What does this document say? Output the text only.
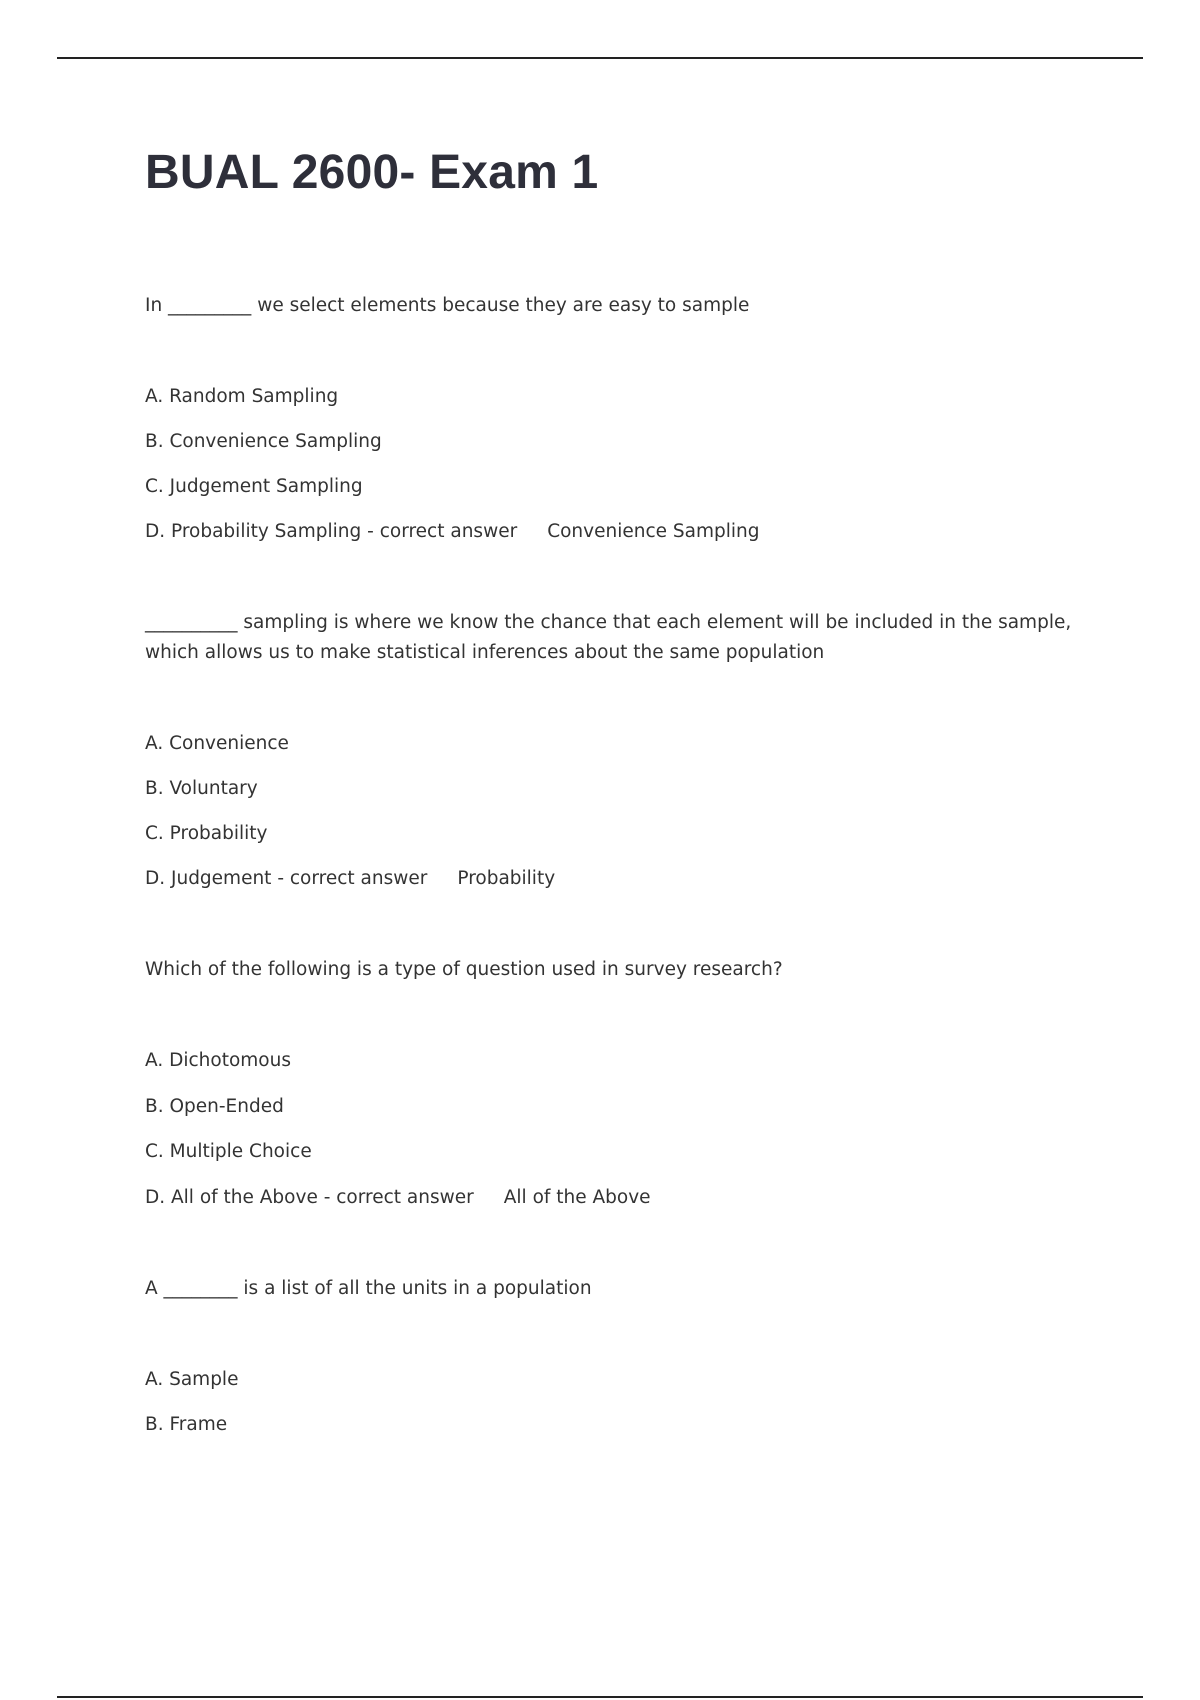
BUAL 2600- Exam 1

In _________ we select elements because they are easy to sample

A. Random Sampling

B. Convenience Sampling

C. Judgement Sampling

D. Probability Sampling - correct answer Convenience Sampling

__________ sampling is where we know the chance that each element will be included in the sample,

which allows us to make statistical inferences about the same population

A. Convenience

B. Voluntary

C. Probability

D. Judgement - correct answer Probability

Which of the following is a type of question used in survey research?

A. Dichotomous

B. Open-Ended

C. Multiple Choice

D. All of the Above - correct answer All of the Above

A ________ is a list of all the units in a population

A. Sample

B. Frame
